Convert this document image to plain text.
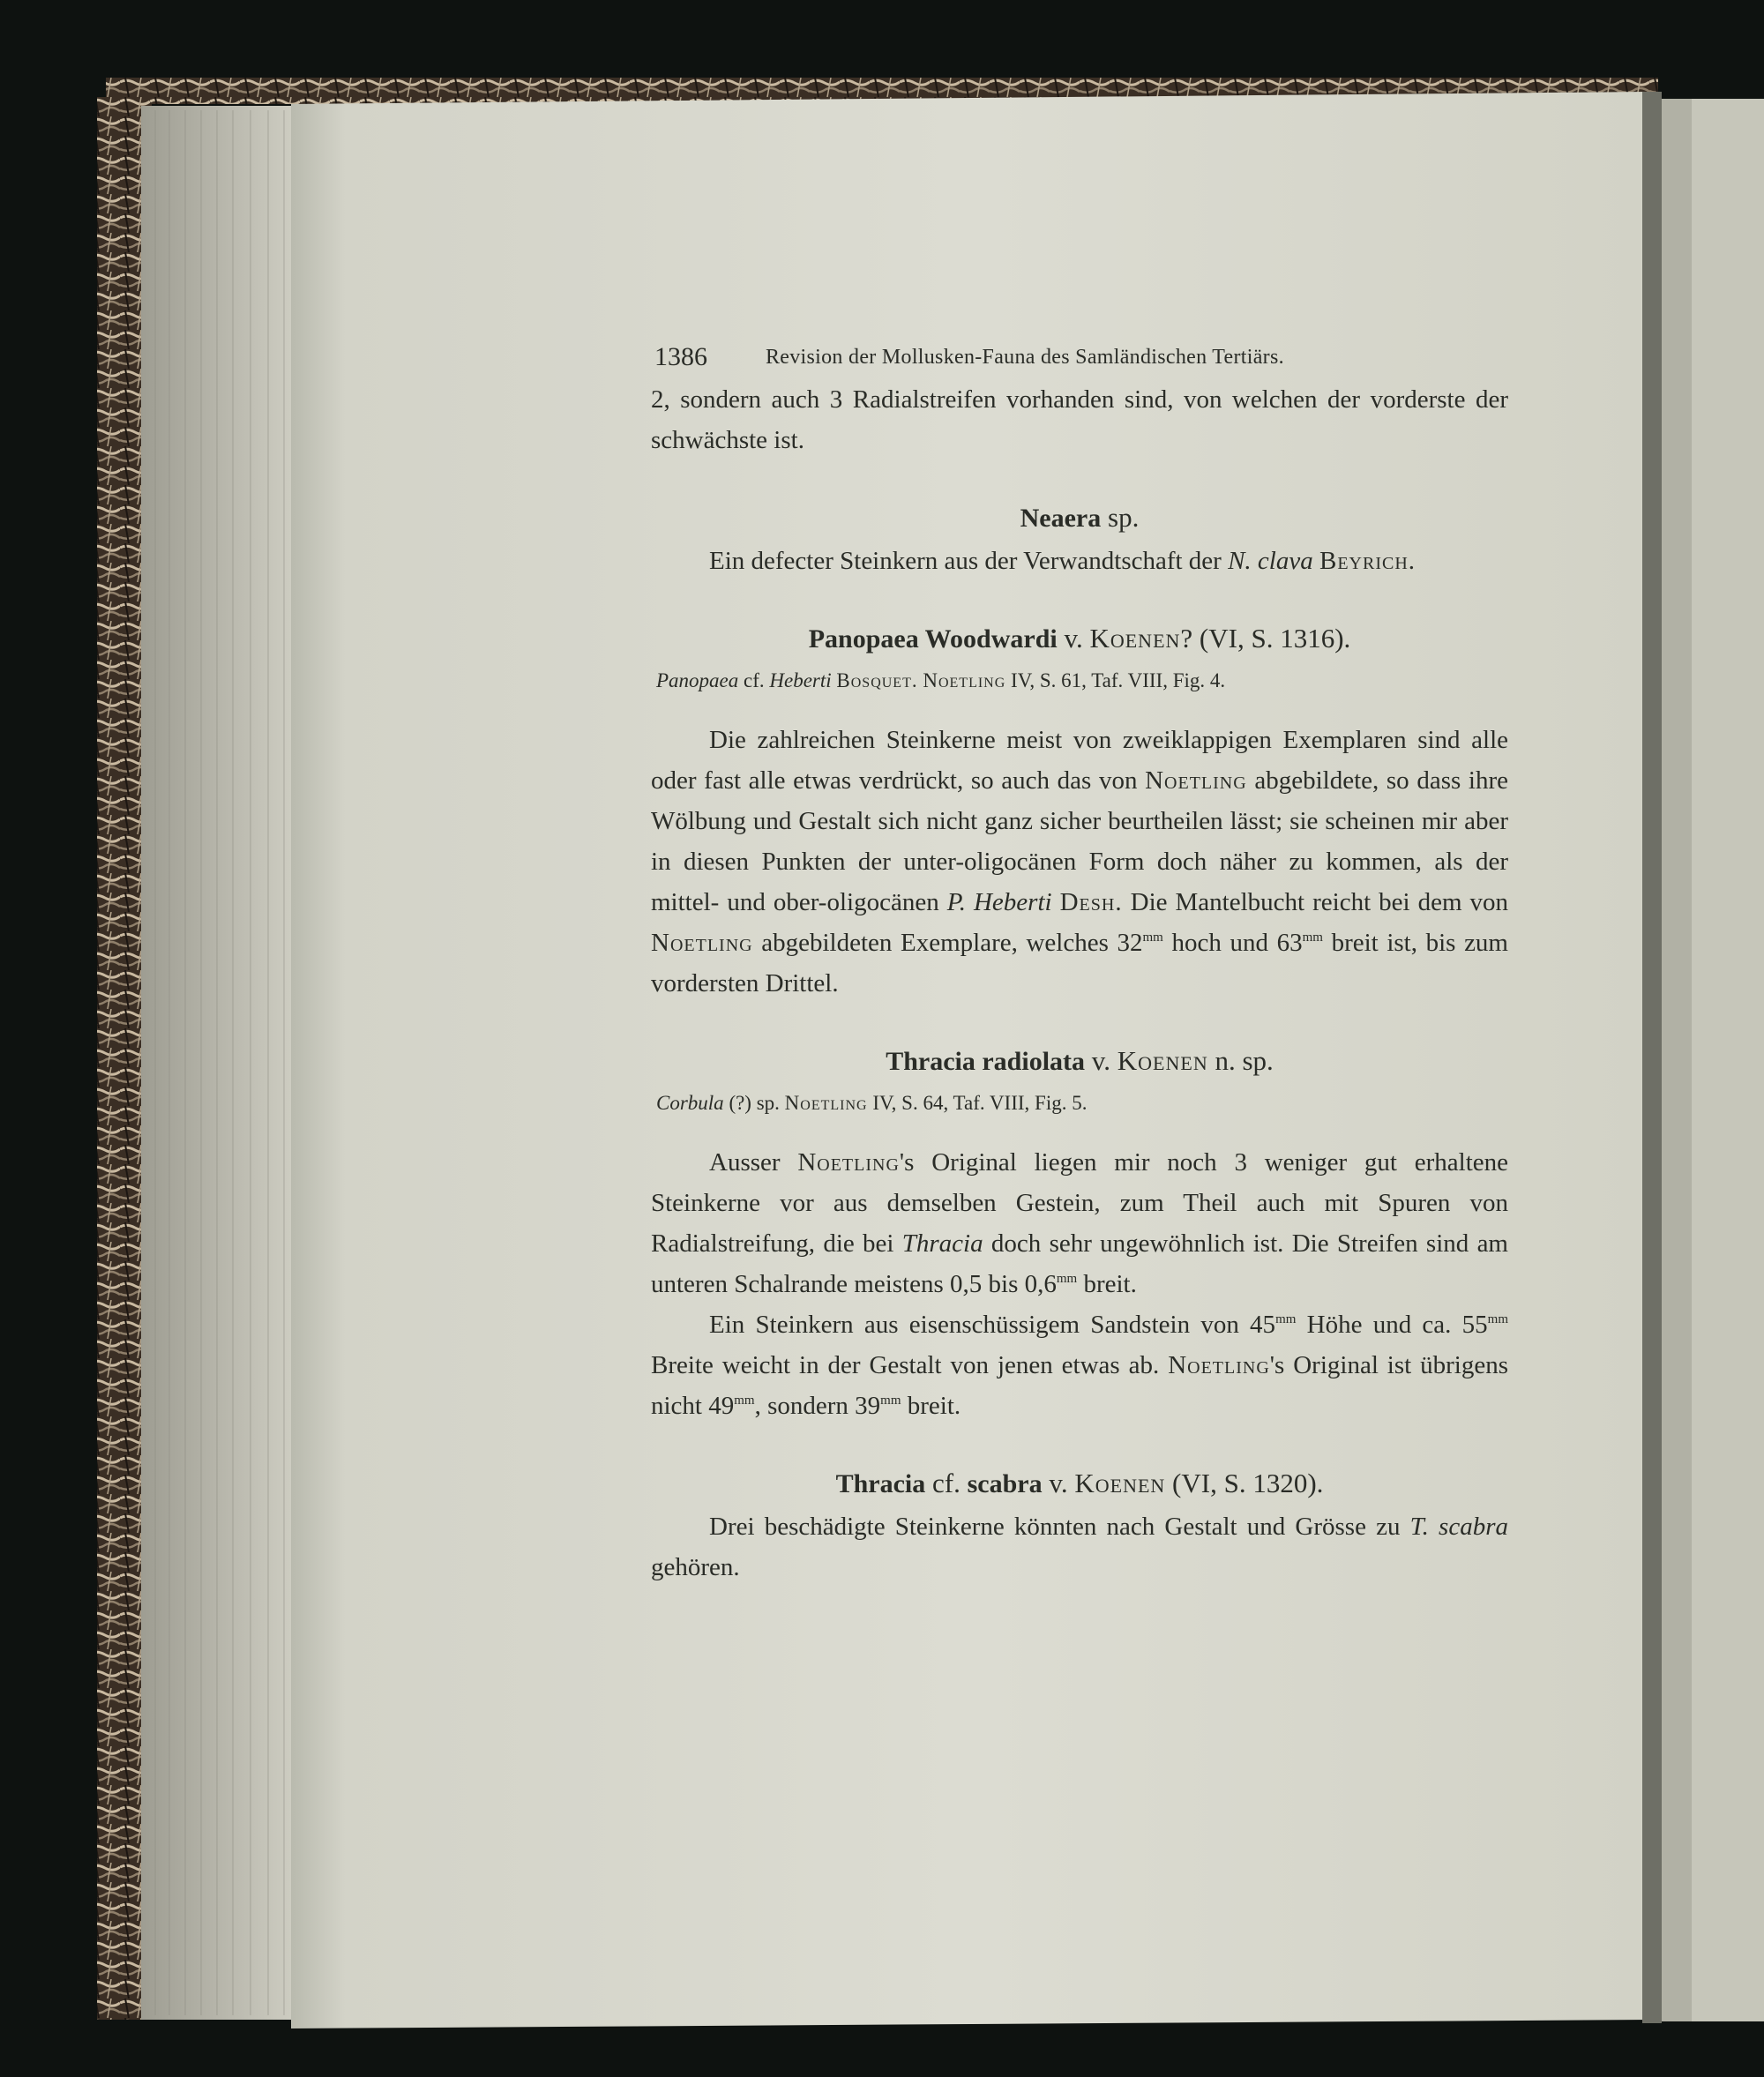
1386	Revision der Mollusken-Fauna des Samländischen Tertiärs.

2, sondern auch 3 Radialstreifen vorhanden sind, von welchen der vorderste der schwächste ist.

Neaera sp.

Ein defecter Steinkern aus der Verwandtschaft der N. clava Beyrich.

Panopaea Woodwardi v. Koenen? (VI, S. 1316).
Panopaea cf. Heberti Bosquet. Noetling IV, S. 61, Taf. VIII, Fig. 4.

Die zahlreichen Steinkerne meist von zweiklappigen Exemplaren sind alle oder fast alle etwas verdrückt, so auch das von Noetling abgebildete, so dass ihre Wölbung und Gestalt sich nicht ganz sicher beurtheilen lässt; sie scheinen mir aber in diesen Punkten der unter-oligocänen Form doch näher zu kommen, als der mittel- und ober-oligocänen P. Heberti Desh. Die Mantelbucht reicht bei dem von Noetling abgebildeten Exemplare, welches $32^{mm}$ hoch und $63^{mm}$ breit ist, bis zum vordersten Drittel.

Thracia radiolata v. Koenen n. sp.
Corbula (?) sp. Noetling IV, S. 64, Taf. VIII, Fig. 5.

Ausser Noetling's Original liegen mir noch 3 weniger gut erhaltene Steinkerne vor aus demselben Gestein, zum Theil auch mit Spuren von Radialstreifung, die bei Thracia doch sehr ungewöhnlich ist. Die Streifen sind am unteren Schalrande meistens 0,5 bis $0,6^{mm}$ breit.

Ein Steinkern aus eisenschüssigem Sandstein von $45^{mm}$ Höhe und ca. $55^{mm}$ Breite weicht in der Gestalt von jenen etwas ab. Noetling's Original ist übrigens nicht $49^{mm}$, sondern $39^{mm}$ breit.

Thracia cf. scabra v. Koenen (VI, S. 1320).

Drei beschädigte Steinkerne könnten nach Gestalt und Grösse zu T. scabra gehören.
